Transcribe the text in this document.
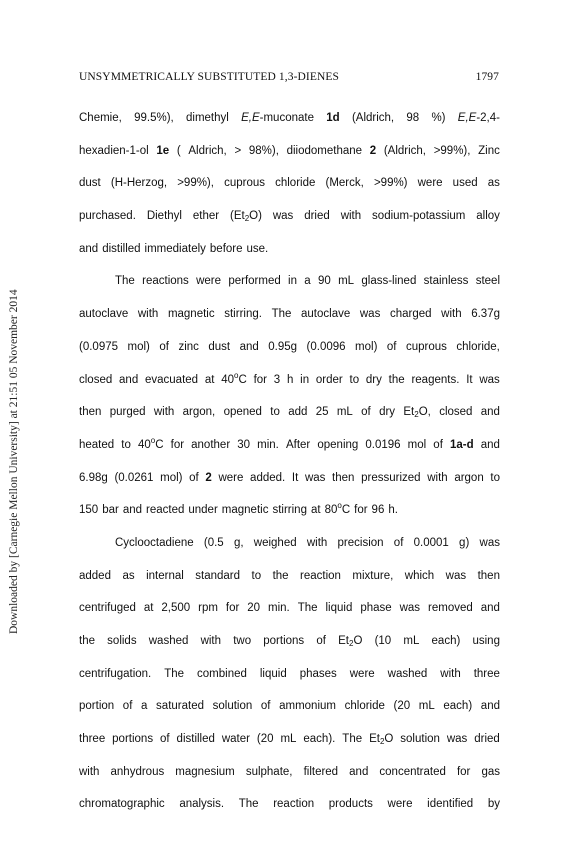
UNSYMMETRICALLY SUBSTITUTED 1,3-DIENES	1797
Downloaded by [Carnegie Mellon University] at 21:51 05 November 2014
Chemie, 99.5%), dimethyl E,E-muconate 1d (Aldrich, 98 %) E,E-2,4-
hexadien-1-ol 1e ( Aldrich, > 98%), diiodomethane 2 (Aldrich, >99%), Zinc
dust (H-Herzog, >99%), cuprous chloride (Merck, >99%) were used as
purchased. Diethyl ether $(Et_2O)$ was dried with sodium-potassium alloy
and distilled immediately before use.
The reactions were performed in a 90 mL glass-lined stainless steel
autoclave with magnetic stirring. The autoclave was charged with 6.37g
(0.0975 mol) of zinc dust and 0.95g (0.0096 mol) of cuprous chloride,
closed and evacuated at 40$^o$C for 3 h in order to dry the reagents. It was
then purged with argon, opened to add 25 mL of dry $Et_2O$, closed and
heated to 40$^o$C for another 30 min. After opening 0.0196 mol of 1a-d and
6.98g (0.0261 mol) of 2 were added. It was then pressurized with argon to
150 bar and reacted under magnetic stirring at 80$^o$C for 96 h.
Cyclooctadiene (0.5 g, weighed with precision of 0.0001 g) was
added as internal standard to the reaction mixture, which was then
centrifuged at 2,500 rpm for 20 min. The liquid phase was removed and
the solids washed with two portions of $Et_2O$ (10 mL each) using
centrifugation. The combined liquid phases were washed with three
portion of a saturated solution of ammonium chloride (20 mL each) and
three portions of distilled water (20 mL each). The $Et_2O$ solution was dried
with anhydrous magnesium sulphate, filtered and concentrated for gas
chromatographic analysis. The reaction products were identified by
